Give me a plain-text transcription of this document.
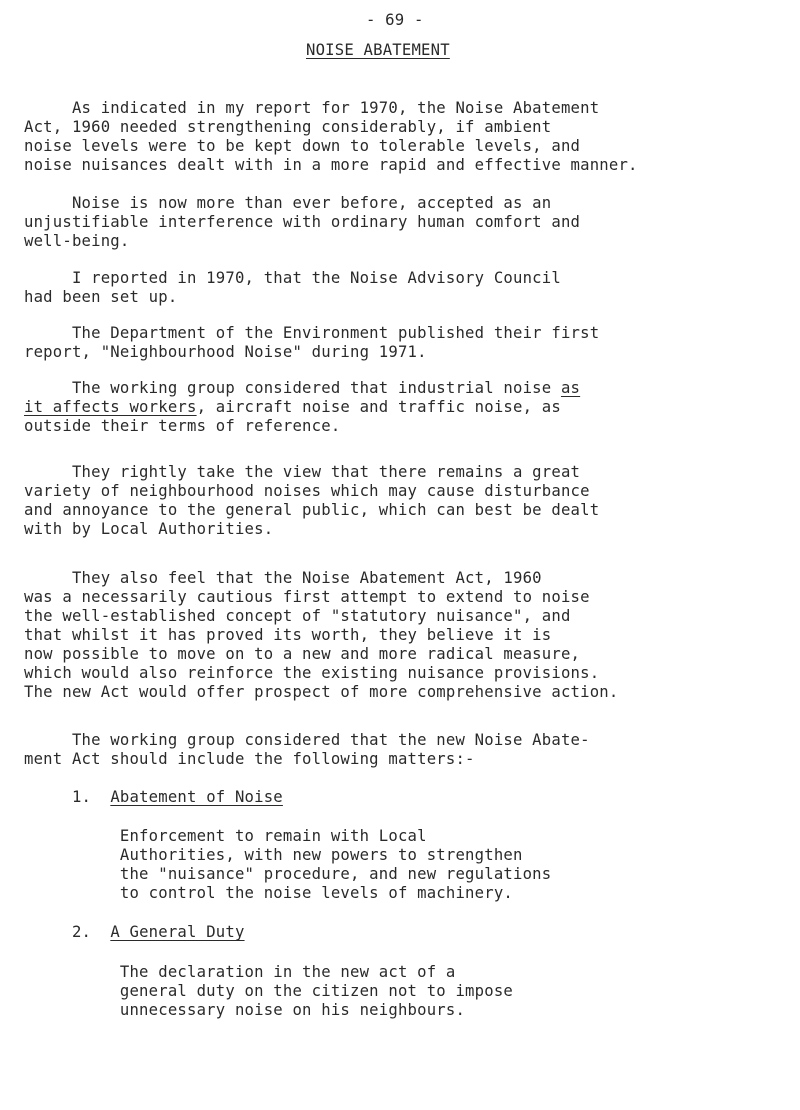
- 69 -
NOISE ABATEMENT
As indicated in my report for 1970, the Noise Abatement
Act, 1960 needed strengthening considerably, if ambient
noise levels were to be kept down to tolerable levels, and
noise nuisances dealt with in a more rapid and effective manner.
Noise is now more than ever before, accepted as an
unjustifiable interference with ordinary human comfort and
well-being.
I reported in 1970, that the Noise Advisory Council
had been set up.
The Department of the Environment published their first
report, "Neighbourhood Noise" during 1971.
The working group considered that industrial noise as
it affects workers, aircraft noise and traffic noise, as
outside their terms of reference.
They rightly take the view that there remains a great
variety of neighbourhood noises which may cause disturbance
and annoyance to the general public, which can best be dealt
with by Local Authorities.
They also feel that the Noise Abatement Act, 1960
was a necessarily cautious first attempt to extend to noise
the well-established concept of "statutory nuisance", and
that whilst it has proved its worth, they believe it is
now possible to move on to a new and more radical measure,
which would also reinforce the existing nuisance provisions.
The new Act would offer prospect of more comprehensive action.
The working group considered that the new Noise Abate-
ment Act should include the following matters:-
1. Abatement of Noise
Enforcement to remain with Local
Authorities, with new powers to strengthen
the "nuisance" procedure, and new regulations
to control the noise levels of machinery.
2. A General Duty
The declaration in the new act of a
general duty on the citizen not to impose
unnecessary noise on his neighbours.
